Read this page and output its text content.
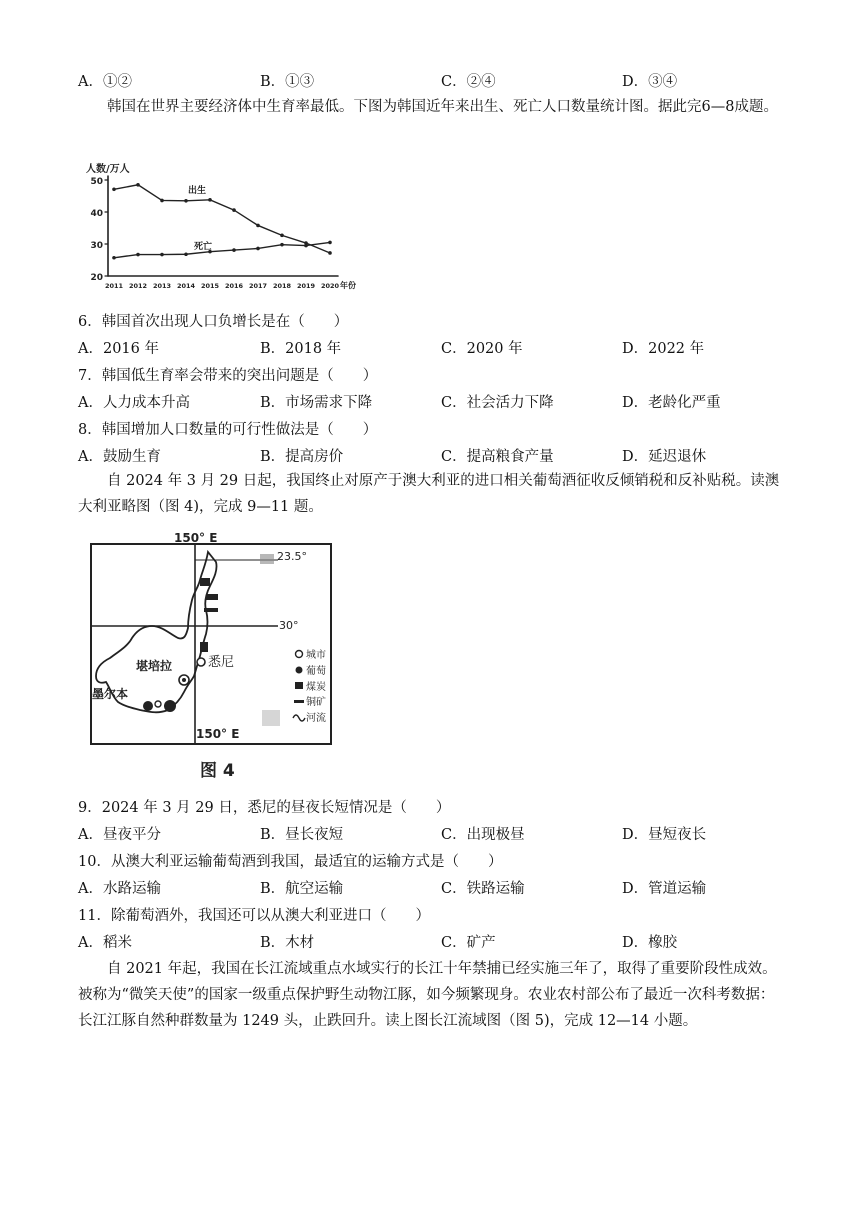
A．①②	B．①③	C．②④	D．③④
韩国在世界主要经济体中生育率最低。下图为韩国近年来出生、死亡人口数量统计图。据此完6—8成题。
20
30
40
50
2011 2012 2013 2014 2015 2016 2017 2018 2019 2020
人数/万人
年份
出生
死亡
6．韩国首次出现人口负增长是在（　　）
A．2016 年	B．2018 年	C．2020 年	D．2022 年
7．韩国低生育率会带来的突出问题是（　　）
A．人力成本升高	B．市场需求下降	C．社会活力下降	D．老龄化严重
8．韩国增加人口数量的可行性做法是（　　）
A．鼓励生育	B．提高房价	C．提高粮食产量	D．延迟退休
自 2024 年 3 月 29 日起，我国终止对原产于澳大利亚的进口相关葡萄酒征收反倾销税和反补贴税。读澳大利亚略图（图 4)，完成 9—11 题。
150° E
23.5°
30°
悉尼
堪培拉
墨尔本
150° E
城市
葡萄
煤炭
铜矿
河流
图 4
9．2024 年 3 月 29 日，悉尼的昼夜长短情况是（　　）
A．昼夜平分	B．昼长夜短	C．出现极昼	D．昼短夜长
10．从澳大利亚运输葡萄酒到我国，最适宜的运输方式是（　　）
A．水路运输	B．航空运输	C．铁路运输	D．管道运输
11．除葡萄酒外，我国还可以从澳大利亚进口（　　）
A．稻米	B．木材	C．矿产	D．橡胶
自 2021 年起，我国在长江流域重点水域实行的长江十年禁捕已经实施三年了，取得了重要阶段性成效。被称为“微笑天使”的国家一级重点保护野生动物江豚，如今频繁现身。农业农村部公布了最近一次科考数据：长江江豚自然种群数量为 1249 头，止跌回升。读上图长江流域图（图 5)，完成 12—14 小题。
